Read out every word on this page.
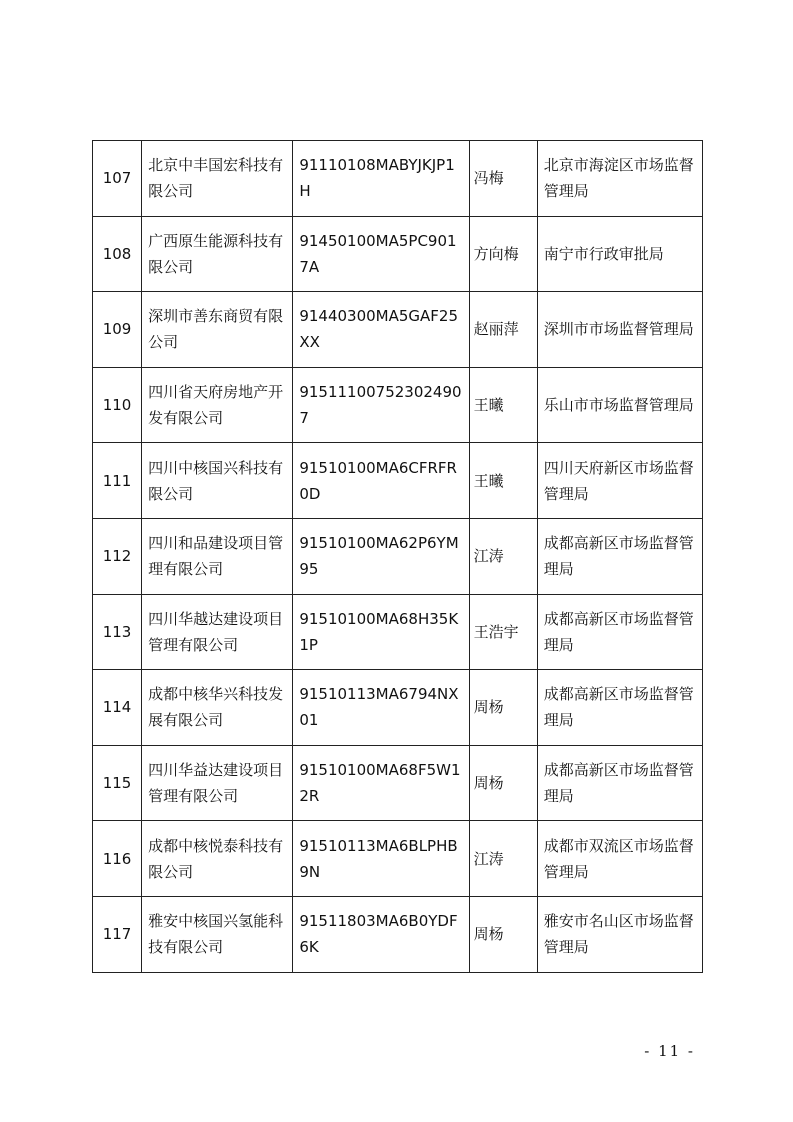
107	北京中丰国宏科技有限公司	91110108MABYJKJP1H	冯梅	北京市海淀区市场监督管理局
108	广西原生能源科技有限公司	91450100MA5PC9017A	方向梅	南宁市行政审批局
109	深圳市善东商贸有限公司	91440300MA5GAF25XX	赵丽萍	深圳市市场监督管理局
110	四川省天府房地产开发有限公司	915111007523024907	王曦	乐山市市场监督管理局
111	四川中核国兴科技有限公司	91510100MA6CFRFR0D	王曦	四川天府新区市场监督管理局
112	四川和品建设项目管理有限公司	91510100MA62P6YM95	江涛	成都高新区市场监督管理局
113	四川华越达建设项目管理有限公司	91510100MA68H35K1P	王浩宇	成都高新区市场监督管理局
114	成都中核华兴科技发展有限公司	91510113MA6794NX01	周杨	成都高新区市场监督管理局
115	四川华益达建设项目管理有限公司	91510100MA68F5W12R	周杨	成都高新区市场监督管理局
116	成都中核悦泰科技有限公司	91510113MA6BLPHB9N	江涛	成都市双流区市场监督管理局
117	雅安中核国兴氢能科技有限公司	91511803MA6B0YDF6K	周杨	雅安市名山区市场监督管理局
- 11 -
